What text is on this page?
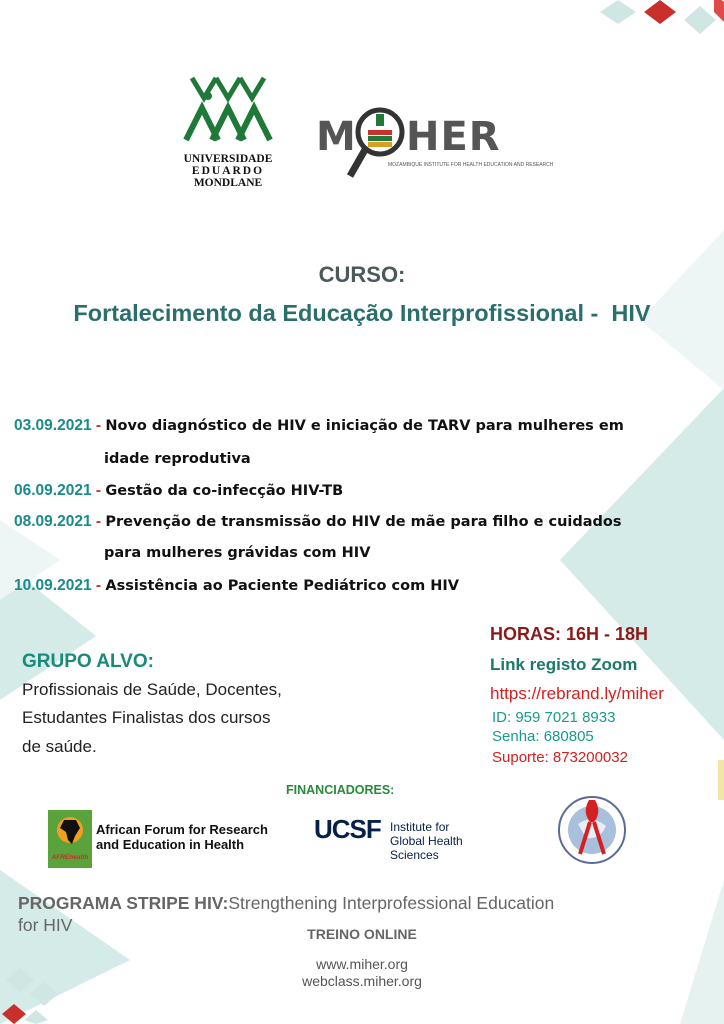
UNIVERSIDADE
EDUARDO
MONDLANE
M HER
MOZAMBIQUE INSTITUTE FOR HEALTH EDUCATION AND RESEARCH
CURSO:
Fortalecimento da Educação Interprofissional -  HIV
03.09.2021 - Novo diagnóstico de HIV e iniciação de TARV para mulheres em
idade reprodutiva
06.09.2021 - Gestão da co-infecção HIV-TB
08.09.2021 - Prevenção de transmissão do HIV de mãe para filho e cuidados
para mulheres grávidas com HIV
10.09.2021 - Assistência ao Paciente Pediátrico com HIV
GRUPO ALVO:
Profissionais de Saúde, Docentes,
Estudantes Finalistas dos cursos
de saúde.
HORAS: 16H - 18H
Link registo Zoom
https://rebrand.ly/miher
ID: 959 7021 8933
Senha: 680805
Suporte: 873200032
FINANCIADORES:
AFREhealth
African Forum for Research
and Education in Health
UCSF Institute for
Global Health
Sciences
PROGRAMA STRIPE HIV:Strengthening Interprofessional Education
for HIV	TREINO ONLINE
www.miher.org
webclass.miher.org
